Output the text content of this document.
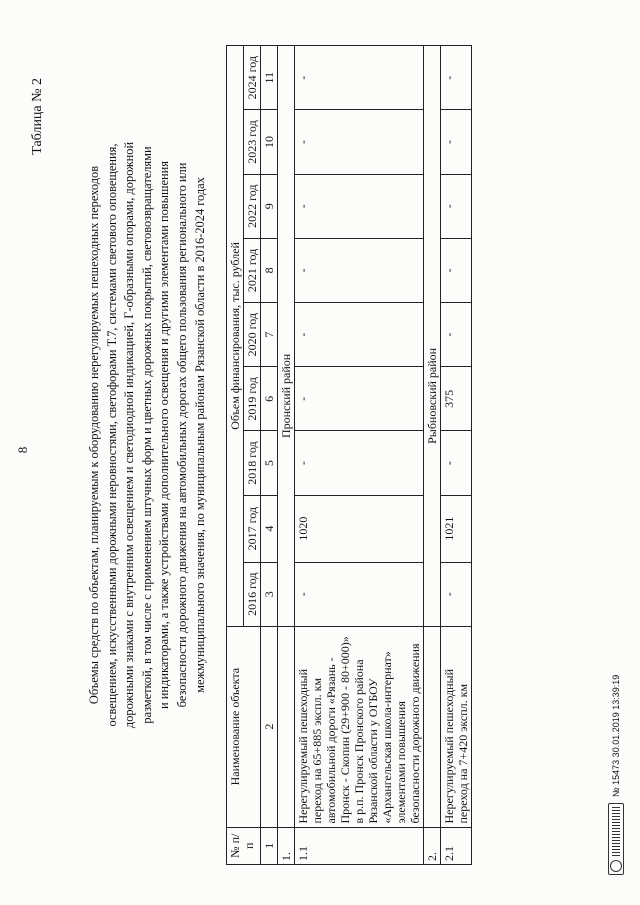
8
Таблица № 2
Объемы средств по объектам, планируемым к оборудованию нерегулируемых пешеходных переходов освещением, искусственными дорожными неровностями, светофорами Т.7, системами светового оповещения, дорожными знаками с внутренним освещением и светодиодной индикацией, Г-образными опорами, дорожной разметкой, в том числе с применением штучных форм и цветных дорожных покрытий, световозвращателями и индикаторами, а также устройствами дополнительного освещения и другими элементами повышения безопасности дорожного движения на автомобильных дорогах общего пользования регионального или межмуниципального значения, по муниципальным районам Рязанской области в 2016-2024 годах
№ п/п	Наименование объекта	Объем финансирования, тыс. рублей								
		2016 год	2017 год	2018 год	2019 год	2020 год	2021 год	2022 год	2023 год	2024 год
1	2	3	4	5	6	7	8	9	10	11
1.		Пронский район								
1.1	Нерегулируемый пешеходный переход на 65+885 экспл. км автомобильной дороги «Рязань - Пронск - Скопин (29+900 - 80+000)» в р.п. Пронск Пронского района Рязанской области у ОГБОУ «Архангельская школа-интернат» элементами повышения безопасности дорожного движения	-	1020	-	-	-	-	-	-	-
2.		Рыбновский район								
2.1	Нерегулируемый пешеходный переход на 7+420 экспл. км	-	1021	-	375	-	-	-	-	-
№ 15473 30.01.2019 13:39:19
